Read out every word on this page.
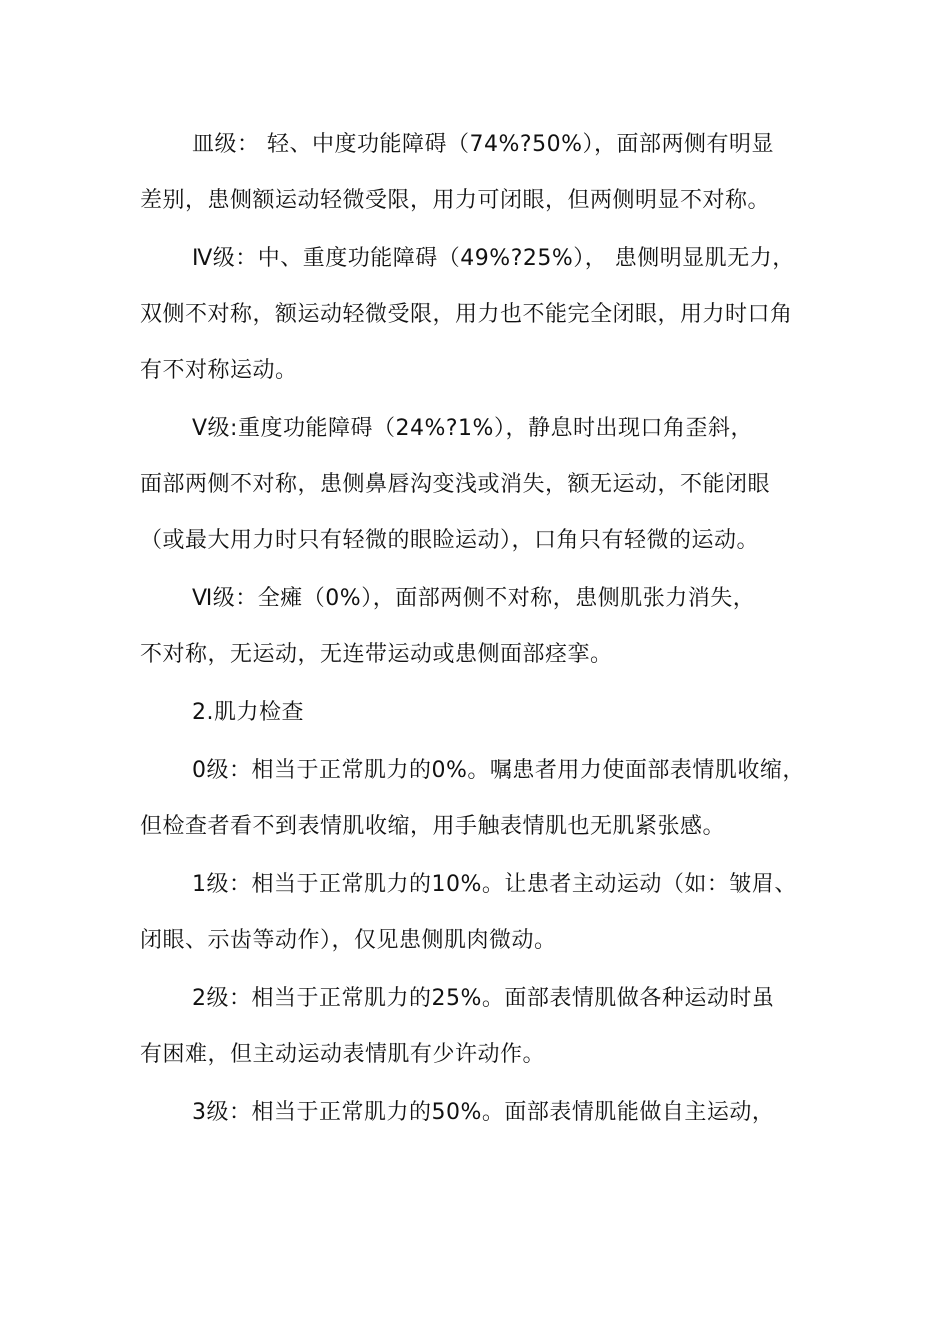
皿级： 轻、中度功能障碍（74%?50%），面部两侧有明显
差别，患侧额运动轻微受限，用力可闭眼，但两侧明显不对称。
Ⅳ级：中、重度功能障碍（49%?25%）， 患侧明显肌无力，
双侧不对称，额运动轻微受限，用力也不能完全闭眼，用力时口角
有不对称运动。
Ⅴ级:重度功能障碍（24%?1%），静息时出现口角歪斜，
面部两侧不对称，患侧鼻唇沟变浅或消失，额无运动，不能闭眼
（或最大用力时只有轻微的眼睑运动），口角只有轻微的运动。
Ⅵ级：全瘫（0%），面部两侧不对称，患侧肌张力消失，
不对称，无运动，无连带运动或患侧面部痉挛。
2.肌力检查
0级：相当于正常肌力的0%。嘱患者用力使面部表情肌收缩，
但检查者看不到表情肌收缩，用手触表情肌也无肌紧张感。
1级：相当于正常肌力的10%。让患者主动运动（如：皱眉、
闭眼、示齿等动作），仅见患侧肌肉微动。
2级：相当于正常肌力的25%。面部表情肌做各种运动时虽
有困难，但主动运动表情肌有少许动作。
3级：相当于正常肌力的50%。面部表情肌能做自主运动，
